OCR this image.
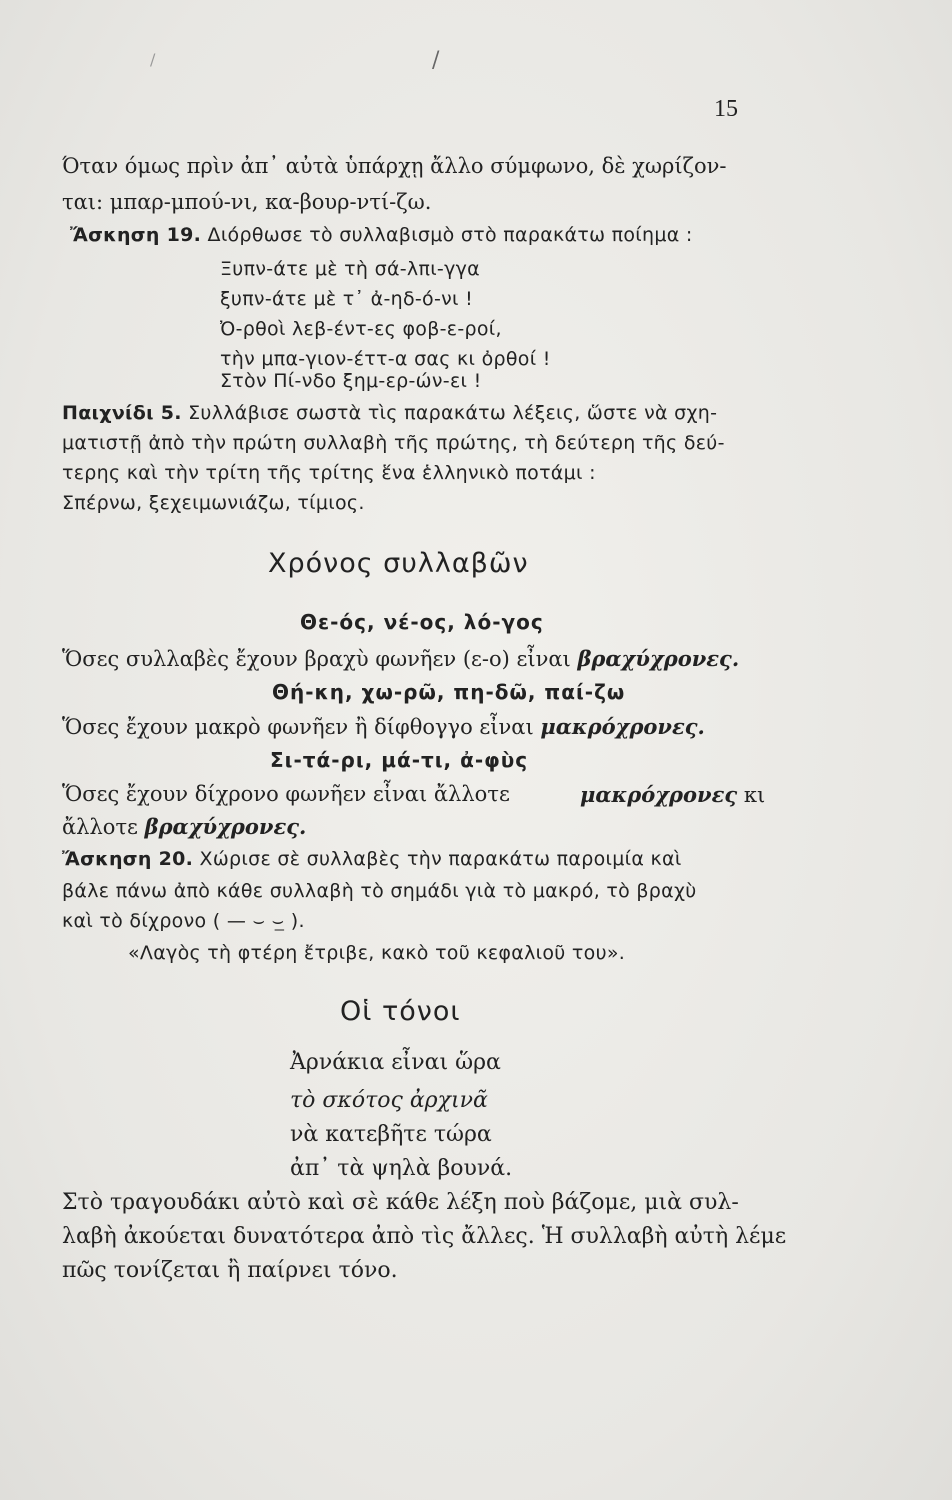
/
/
15
Όταν όμως πρὶν ἀπ᾽ αὐτὰ ὑπάρχῃ ἄλλο σύμφωνο, δὲ χωρίζον-
ται: μπαρ-μπού-νι, κα-βουρ-ντί-ζω.
Ἄσκηση 19. Διόρθωσε τὸ συλλαβισμὸ στὸ παρακάτω ποίημα :
Ξυπν-άτε μὲ τὴ σά-λπι-γγα
ξυπν-άτε μὲ τ᾽ ἀ-ηδ-ό-νι !
Ὀ-ρθοὶ λεβ-έντ-ες φοβ-ε-ροί,
τὴν μπα-γιον-έττ-α σας κι ὀρθοί !
Στὸν Πί-νδο ξημ-ερ-ών-ει !
Παιχνίδι 5. Συλλάβισε σωστὰ τὶς παρακάτω λέξεις, ὥστε νὰ σχη-
ματιστῇ ἀπὸ τὴν πρώτη συλλαβὴ τῆς πρώτης, τὴ δεύτερη τῆς δεύ-
τερης καὶ τὴν τρίτη τῆς τρίτης ἕνα ἑλληνικὸ ποτάμι :
Σπέρνω, ξεχειμωνιάζω, τίμιος.
Χρόνος συλλαβῶν
Θε-ός, νέ-ος, λό-γος
Ὅσες συλλαβὲς ἔχουν βραχὺ φωνῆεν (ε-ο) εἶναι βραχύχρονες.
Θή-κη, χω-ρῶ, πη-δῶ, παί-ζω
Ὅσες ἔχουν μακρὸ φωνῆεν ἢ δίφθογγο εἶναι μακρόχρονες.
Σι-τά-ρι, μά-τι, ἀ-φὺς
Ὅσες ἔχουν δίχρονο φωνῆεν εἶναι ἄλλοτε	μακρόχρονες κι
ἄλλοτε βραχύχρονες.
Ἄσκηση 20. Χώρισε σὲ συλλαβὲς τὴν παρακάτω παροιμία καὶ
βάλε πάνω ἀπὸ κάθε συλλαβὴ τὸ σημάδι γιὰ τὸ μακρό, τὸ βραχὺ
καὶ τὸ δίχρονο ( — ⌣ ⌣̲ ).
«Λαγὸς τὴ φτέρη ἔτριβε, κακὸ τοῦ κεφαλιοῦ του».
Οἱ τόνοι
Ἀρνάκια εἶναι ὥρα
τὸ σκότος ἀρχινᾶ
νὰ κατεβῆτε τώρα
ἀπ᾽ τὰ ψηλὰ βουνά.
Στὸ τραγουδάκι αὐτὸ καὶ σὲ κάθε λέξη ποὺ βάζομε, μιὰ συλ-
λαβὴ ἀκούεται δυνατότερα ἀπὸ τὶς ἄλλες. Ἡ συλλαβὴ αὐτὴ λέμε
πῶς τονίζεται ἢ παίρνει τόνο.
